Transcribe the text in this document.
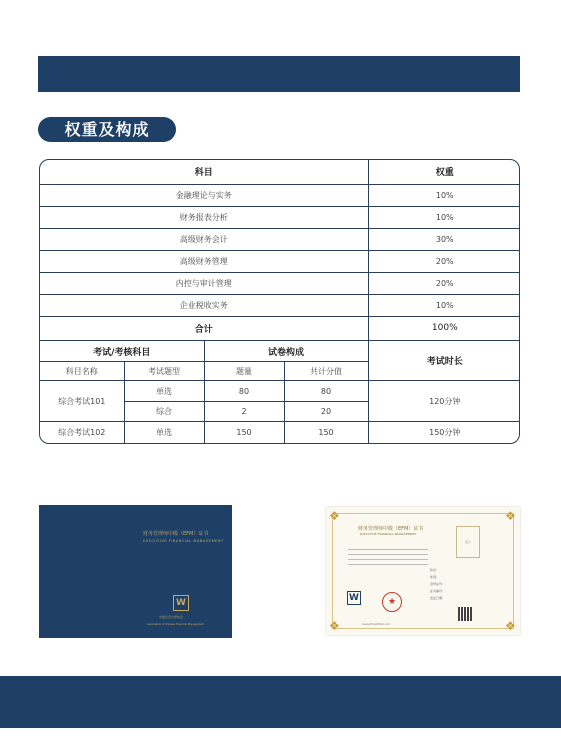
权重及构成
科目				权重
金融理论与实务				10%
财务报表分析				10%
高级财务会计				30%
高级财务管理				20%
内控与审计管理				20%
企业税收实务				10%
合计				100%
考试/考核科目		试卷构成		考试时长
科目名称	考试题型	题量	共计分值	
综合考试101	单选	80	80	120分钟
	综合	2	20	
综合考试102	单选	150	150	150分钟
财务管理师中级（EFM）证书
EXECUTIVE FINANCIAL MANAGEMENT
W
中国总会计师协会
Association of Chinese Financial Management
❖	❖
❖	❖
财务管理师中级（EFM）证书
EXECUTIVE FINANCIAL MANAGEMENT
照片
姓名：
性别：
身份证号：
证书编号：
发证日期：
W	★
www.efmcertified.com
